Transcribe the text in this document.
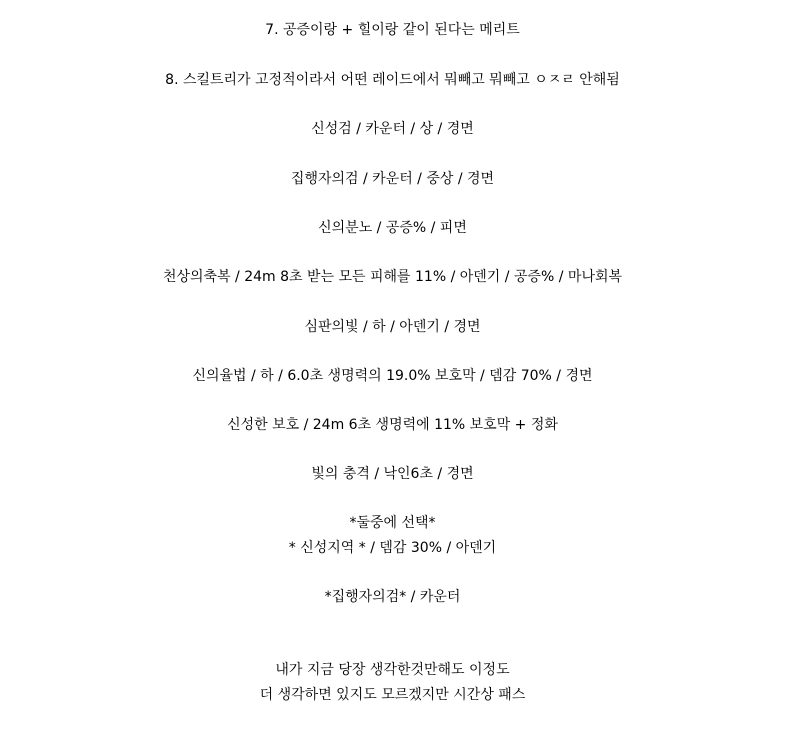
7. 공증이랑 + 힐이랑 같이 된다는 메리트
8. 스킬트리가 고정적이라서 어떤 레이드에서 뭐빼고 뭐빼고 ㅇㅈㄹ 안해됨
신성검 / 카운터 / 상 / 경면
집행자의검 / 카운터 / 중상 / 경면
신의분노 / 공증% / 피면
천상의축복 / 24m 8초 받는 모든 피해를 11% / 아덴기 / 공증% / 마나회복
심판의빛 / 하 / 아덴기 / 경면
신의율법 / 하 / 6.0초 생명력의 19.0% 보호막 / 뎀감 70% / 경면
신성한 보호 / 24m 6초 생명력에 11% 보호막 + 정화
빛의 충격 / 낙인6초 / 경면
*둘중에 선택*
* 신성지역 * / 뎀감 30% / 아덴기
*집행자의검* / 카운터
내가 지금 당장 생각한것만해도 이정도
더 생각하면 있지도 모르겠지만 시간상 패스
